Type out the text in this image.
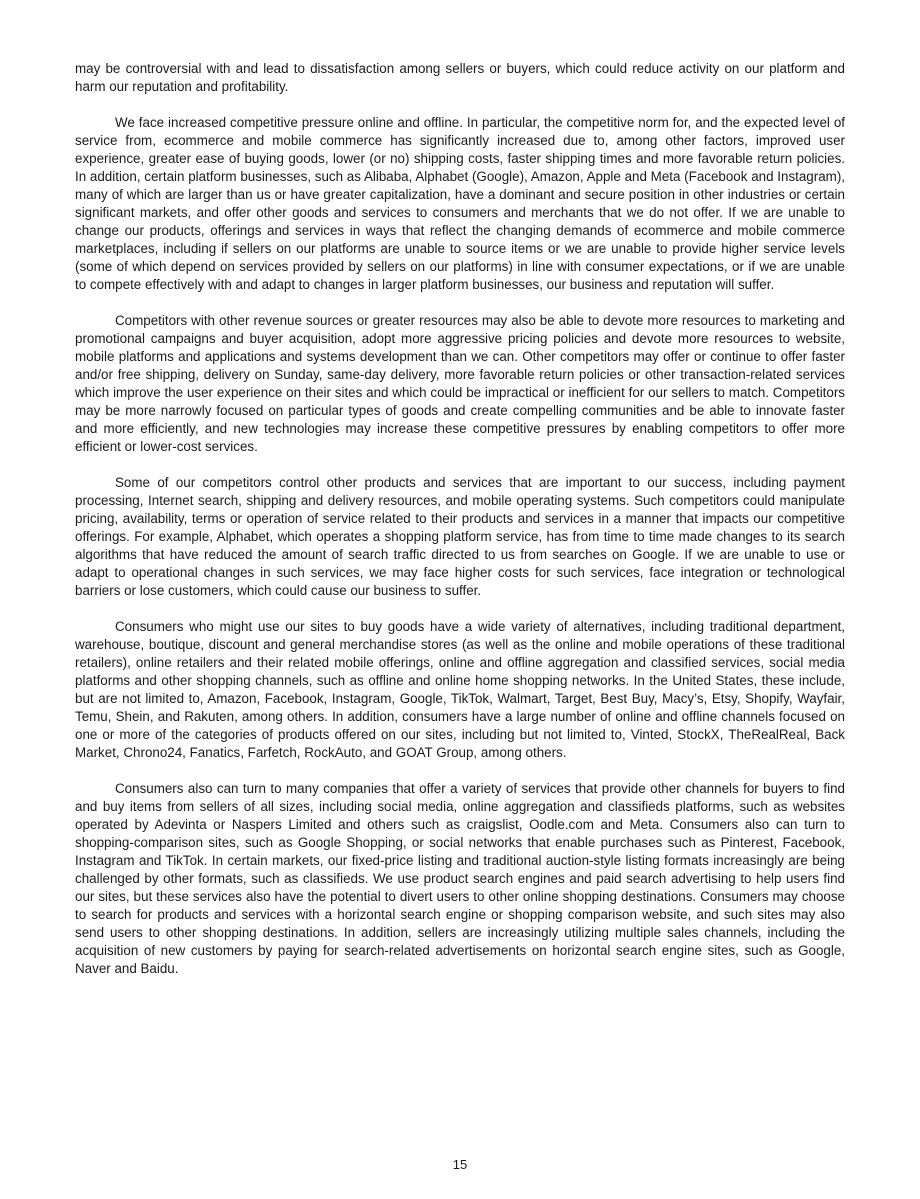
may be controversial with and lead to dissatisfaction among sellers or buyers, which could reduce activity on our platform and harm our reputation and profitability.

We face increased competitive pressure online and offline. In particular, the competitive norm for, and the expected level of service from, ecommerce and mobile commerce has significantly increased due to, among other factors, improved user experience, greater ease of buying goods, lower (or no) shipping costs, faster shipping times and more favorable return policies. In addition, certain platform businesses, such as Alibaba, Alphabet (Google), Amazon, Apple and Meta (Facebook and Instagram), many of which are larger than us or have greater capitalization, have a dominant and secure position in other industries or certain significant markets, and offer other goods and services to consumers and merchants that we do not offer. If we are unable to change our products, offerings and services in ways that reflect the changing demands of ecommerce and mobile commerce marketplaces, including if sellers on our platforms are unable to source items or we are unable to provide higher service levels (some of which depend on services provided by sellers on our platforms) in line with consumer expectations, or if we are unable to compete effectively with and adapt to changes in larger platform businesses, our business and reputation will suffer.

Competitors with other revenue sources or greater resources may also be able to devote more resources to marketing and promotional campaigns and buyer acquisition, adopt more aggressive pricing policies and devote more resources to website, mobile platforms and applications and systems development than we can. Other competitors may offer or continue to offer faster and/or free shipping, delivery on Sunday, same-day delivery, more favorable return policies or other transaction-related services which improve the user experience on their sites and which could be impractical or inefficient for our sellers to match. Competitors may be more narrowly focused on particular types of goods and create compelling communities and be able to innovate faster and more efficiently, and new technologies may increase these competitive pressures by enabling competitors to offer more efficient or lower-cost services.

Some of our competitors control other products and services that are important to our success, including payment processing, Internet search, shipping and delivery resources, and mobile operating systems. Such competitors could manipulate pricing, availability, terms or operation of service related to their products and services in a manner that impacts our competitive offerings. For example, Alphabet, which operates a shopping platform service, has from time to time made changes to its search algorithms that have reduced the amount of search traffic directed to us from searches on Google. If we are unable to use or adapt to operational changes in such services, we may face higher costs for such services, face integration or technological barriers or lose customers, which could cause our business to suffer.

Consumers who might use our sites to buy goods have a wide variety of alternatives, including traditional department, warehouse, boutique, discount and general merchandise stores (as well as the online and mobile operations of these traditional retailers), online retailers and their related mobile offerings, online and offline aggregation and classified services, social media platforms and other shopping channels, such as offline and online home shopping networks. In the United States, these include, but are not limited to, Amazon, Facebook, Instagram, Google, TikTok, Walmart, Target, Best Buy, Macy’s, Etsy, Shopify, Wayfair, Temu, Shein, and Rakuten, among others. In addition, consumers have a large number of online and offline channels focused on one or more of the categories of products offered on our sites, including but not limited to, Vinted, StockX, TheRealReal, Back Market, Chrono24, Fanatics, Farfetch, RockAuto, and GOAT Group, among others.

Consumers also can turn to many companies that offer a variety of services that provide other channels for buyers to find and buy items from sellers of all sizes, including social media, online aggregation and classifieds platforms, such as websites operated by Adevinta or Naspers Limited and others such as craigslist, Oodle.com and Meta. Consumers also can turn to shopping-comparison sites, such as Google Shopping, or social networks that enable purchases such as Pinterest, Facebook, Instagram and TikTok. In certain markets, our fixed-price listing and traditional auction-style listing formats increasingly are being challenged by other formats, such as classifieds. We use product search engines and paid search advertising to help users find our sites, but these services also have the potential to divert users to other online shopping destinations. Consumers may choose to search for products and services with a horizontal search engine or shopping comparison website, and such sites may also send users to other shopping destinations. In addition, sellers are increasingly utilizing multiple sales channels, including the acquisition of new customers by paying for search-related advertisements on horizontal search engine sites, such as Google, Naver and Baidu.

15
